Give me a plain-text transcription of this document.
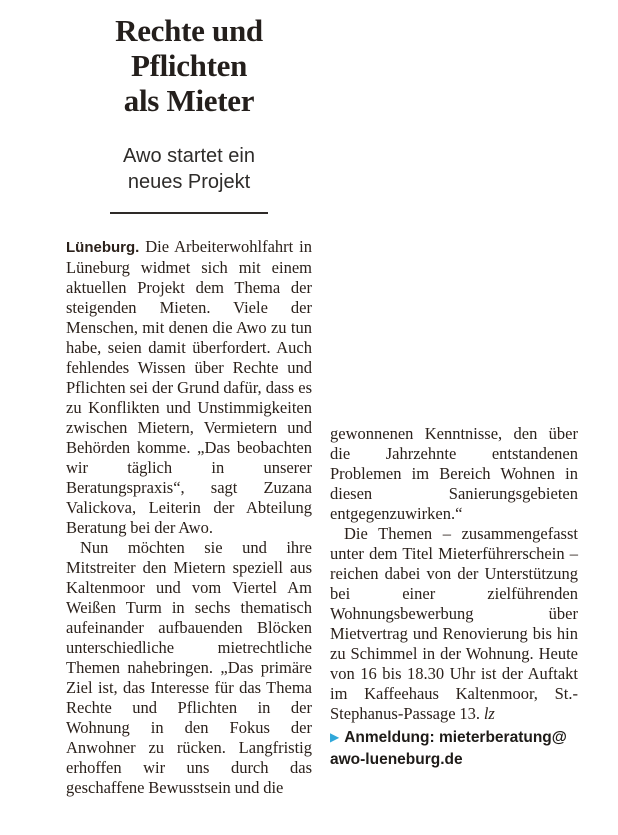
Rechte und
Pflichten
als Mieter
Awo startet ein
neues Projekt

Lüneburg. Die Arbeiterwohlfahrt in Lüneburg widmet sich mit einem aktuellen Projekt dem Thema der steigenden Mieten. Viele der Menschen, mit denen die Awo zu tun habe, seien damit überfordert. Auch fehlendes Wissen über Rechte und Pflichten sei der Grund dafür, dass es zu Konflikten und Unstimmigkeiten zwischen Mietern, Vermietern und Behörden komme. „Das beobachten wir täglich in unserer Beratungspraxis“, sagt Zuzana Valickova, Leiterin der Abteilung Beratung bei der Awo.

Nun möchten sie und ihre Mitstreiter den Mietern speziell aus Kaltenmoor und vom Viertel Am Weißen Turm in sechs thematisch aufeinander aufbauenden Blöcken unterschiedliche mietrechtliche Themen nahebringen. „Das primäre Ziel ist, das Interesse für das Thema Rechte und Pflichten in der Wohnung in den Fokus der Anwohner zu rücken. Langfristig erhoffen wir uns durch das geschaffene Bewusstsein und die

gewonnenen Kenntnisse, den über die Jahrzehnte entstandenen Problemen im Bereich Wohnen in diesen Sanierungsgebieten entgegenzuwirken.“

Die Themen – zusammengefasst unter dem Titel Mieterführerschein – reichen dabei von der Unterstützung bei einer zielführenden Wohnungsbewerbung über Mietvertrag und Renovierung bis hin zu Schimmel in der Wohnung. Heute von 16 bis 18.30 Uhr ist der Auftakt im Kaffeehaus Kaltenmoor, St.-Stephanus-Passage 13. lz

▶ Anmeldung: mieterberatung@
awo-lueneburg.de
